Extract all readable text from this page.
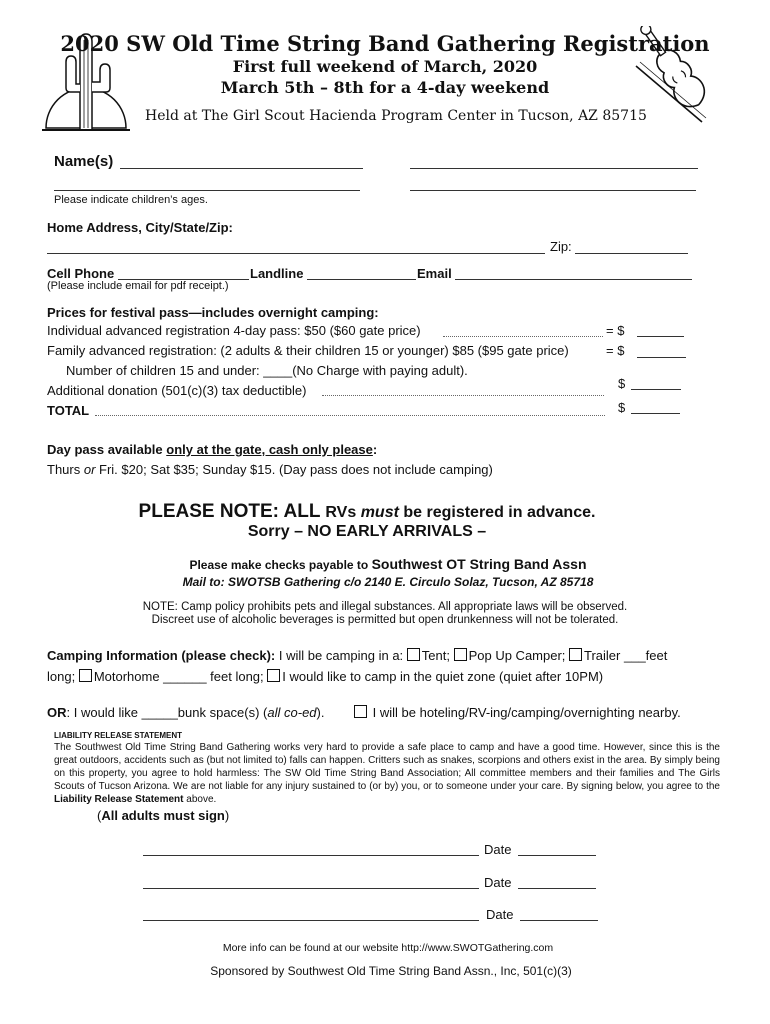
2020 SW Old Time String Band Gathering Registration
First full weekend of March, 2020
March 5th – 8th for a 4-day weekend
Held at The Girl Scout Hacienda Program Center in Tucson, AZ 85715
Name(s)
Please indicate children’s ages.
Home Address, City/State/Zip:
Zip:
Cell Phone	Landline	Email
(Please include email for pdf receipt.)
Prices for festival pass—includes overnight camping:
Individual advanced registration 4-day pass: $50 ($60 gate price)	= $
Family advanced registration: (2 adults & their children 15 or younger) $85 ($95 gate price)	= $
Number of children 15 and under: ____(No Charge with paying adult).
Additional donation (501(c)(3) tax deductible)	$
TOTAL	$
Day pass available only at the gate, cash only please:
Thurs or Fri. $20; Sat $35; Sunday $15. (Day pass does not include camping)
PLEASE NOTE: ALL RVs must be registered in advance.
Sorry – NO EARLY ARRIVALS –
Please make checks payable to Southwest OT String Band Assn
Mail to: SWOTSB Gathering c/o 2140 E. Circulo Solaz, Tucson, AZ 85718
NOTE: Camp policy prohibits pets and illegal substances. All appropriate laws will be observed.
Discreet use of alcoholic beverages is permitted but open drunkenness will not be tolerated.
Camping Information (please check): I will be camping in a: Tent; Pop Up Camper; Trailer ___feet
long; Motorhome ______ feet long; I would like to camp in the quiet zone (quiet after 10PM)
OR: I would like _____bunk space(s) (all co-ed).	I will be hoteling/RV-ing/camping/overnighting nearby.
LIABILITY RELEASE STATEMENT
The Southwest Old Time String Band Gathering works very hard to provide a safe place to camp and have a good time. However, since this is the great outdoors, accidents such as (but not limited to) falls can happen. Critters such as snakes, scorpions and others exist in the area. By simply being on this property, you agree to hold harmless: The SW Old Time String Band Association; All committee members and their families and The Girls Scouts of Tucson Arizona. We are not liable for any injury sustained to (or by) you, or to someone under your care. By signing below, you agree to the Liability Release Statement above.
(All adults must sign)
Date
Date
Date
More info can be found at our website http://www.SWOTGathering.com
Sponsored by Southwest Old Time String Band Assn., Inc, 501(c)(3)
